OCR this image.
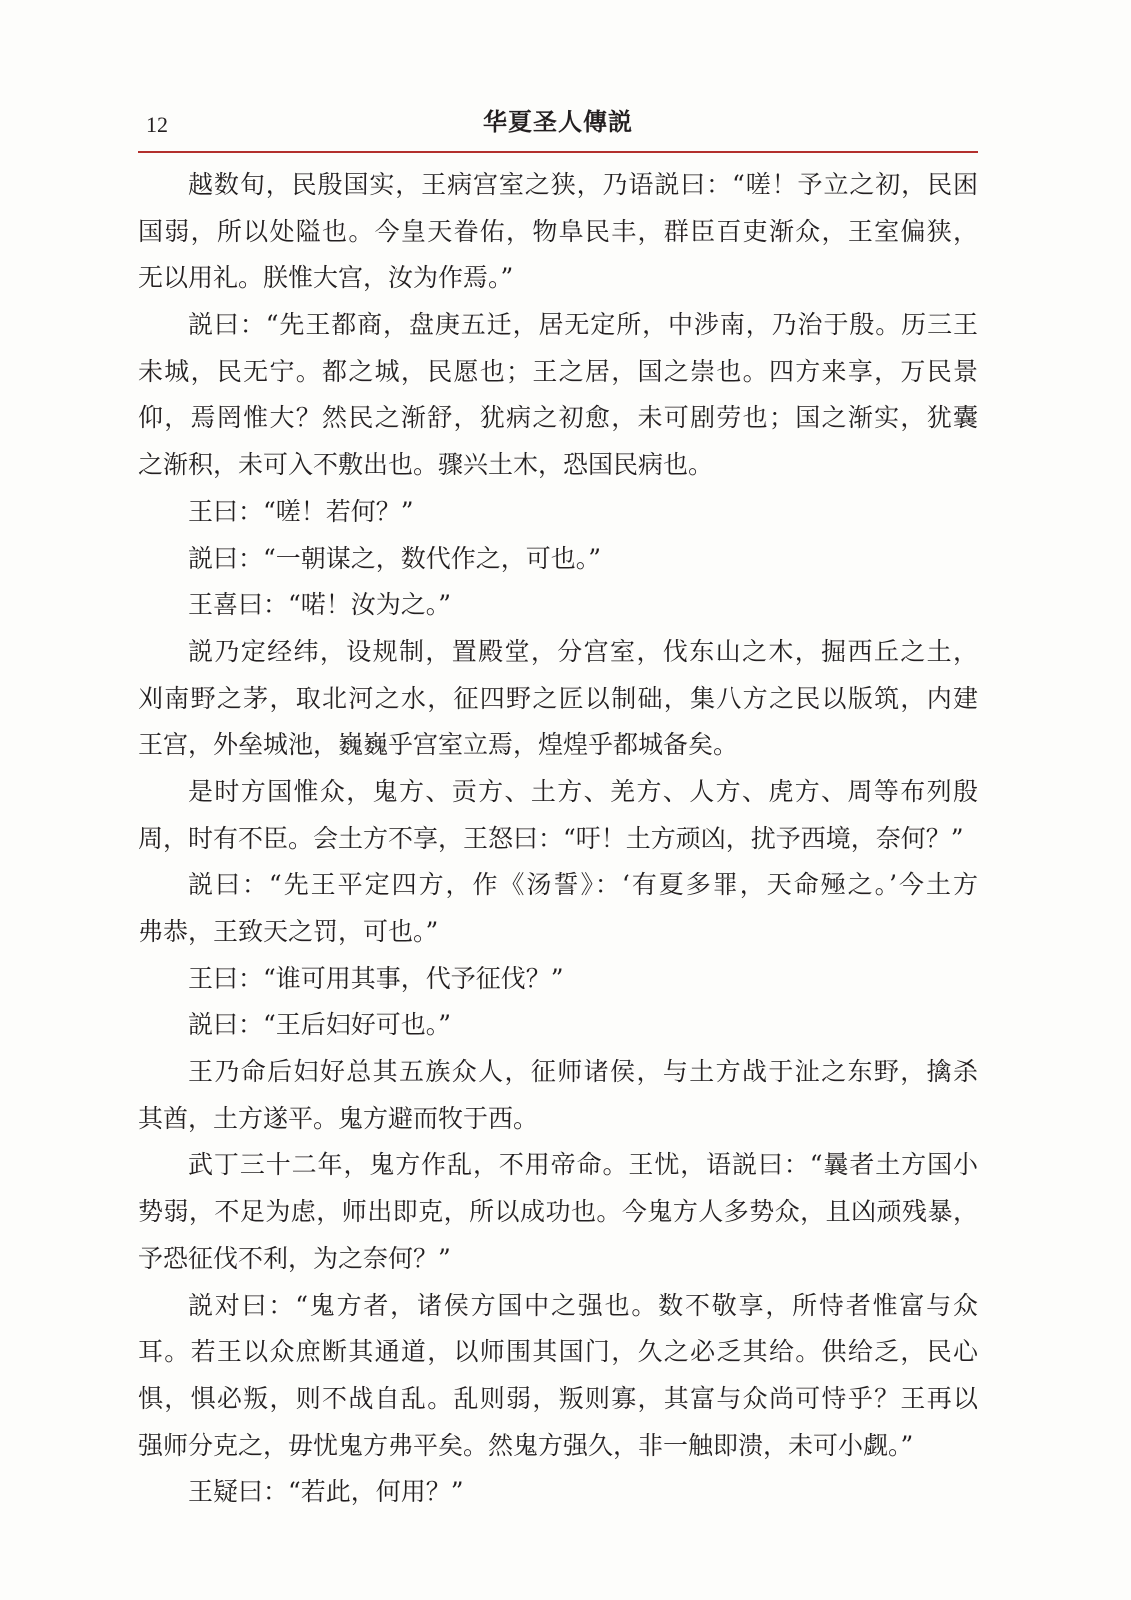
12	华夏圣人傳説
越数旬，民殷国实，王病宫室之狭，乃语説曰：“嗟！予立之初，民困
国弱，所以处隘也。今皇天眷佑，物阜民丰，群臣百吏渐众，王室偏狭，
无以用礼。朕惟大宫，汝为作焉。”
説曰：“先王都商，盘庚五迁，居无定所，中涉南，乃治于殷。历三王
未城，民无宁。都之城，民愿也；王之居，国之崇也。四方来享，万民景
仰，焉罔惟大？然民之渐舒，犹病之初愈，未可剧劳也；国之渐实，犹囊
之渐积，未可入不敷出也。骤兴土木，恐国民病也。
王曰：“嗟！若何？”
説曰：“一朝谋之，数代作之，可也。”
王喜曰：“喏！汝为之。”
説乃定经纬，设规制，置殿堂，分宫室，伐东山之木，掘西丘之土，
刈南野之茅，取北河之水，征四野之匠以制础，集八方之民以版筑，内建
王宫，外垒城池，巍巍乎宫室立焉，煌煌乎都城备矣。
是时方国惟众，鬼方、贡方、土方、羌方、人方、虎方、周等布列殷
周，时有不臣。会土方不享，王怒曰：“吁！土方顽凶，扰予西境，奈何？”
説曰：“先王平定四方，作《汤誓》：‘有夏多罪，天命殛之。’今土方
弗恭，王致天之罚，可也。”
王曰：“谁可用其事，代予征伐？”
説曰：“王后妇好可也。”
王乃命后妇好总其五族众人，征师诸侯，与土方战于沚之东野，擒杀
其酋，土方遂平。鬼方避而牧于西。
武丁三十二年，鬼方作乱，不用帝命。王忧，语説曰：“曩者土方国小
势弱，不足为虑，师出即克，所以成功也。今鬼方人多势众，且凶顽残暴，
予恐征伐不利，为之奈何？”
説对曰：“鬼方者，诸侯方国中之强也。数不敬享，所恃者惟富与众
耳。若王以众庶断其通道，以师围其国门，久之必乏其给。供给乏，民心
惧，惧必叛，则不战自乱。乱则弱，叛则寡，其富与众尚可恃乎？王再以
强师分克之，毋忧鬼方弗平矣。然鬼方强久，非一触即溃，未可小觑。”
王疑曰：“若此，何用？”
